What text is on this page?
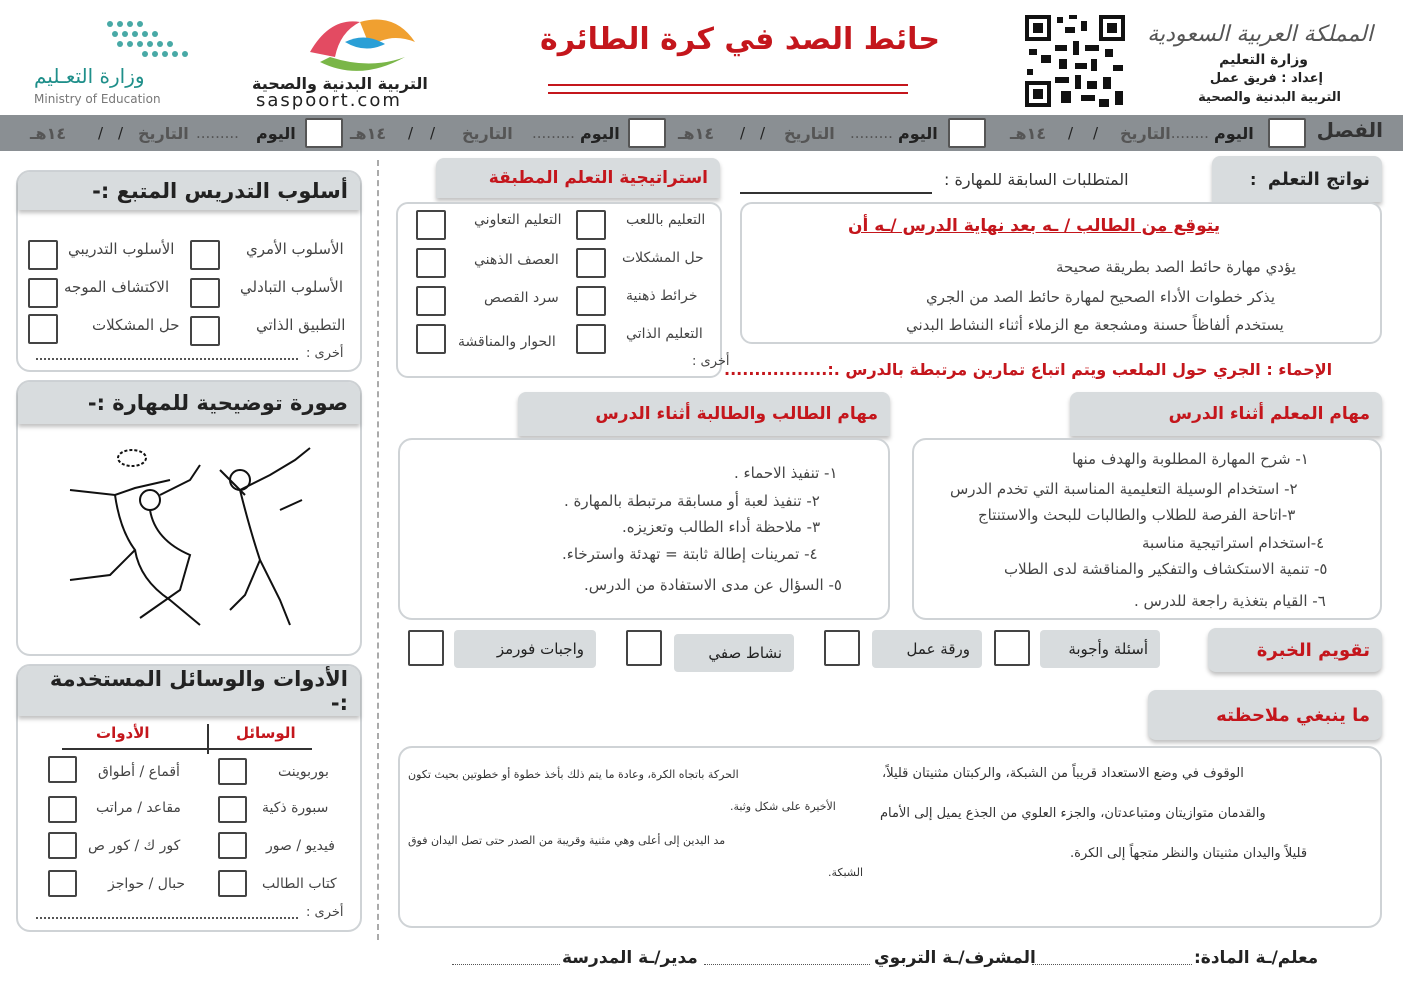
المملكة العربية السعودية
وزارة التعليم
إعداد : فريق عمل
التربية البدنية والصحية
حائط الصد في كرة الطائرة
التربية البدنية والصحية
saspoort.com
وزارة التعـليم
Ministry of Education
الفصل
اليوم
التاريخ
.........
/
/
١٤هـ
اليوم
.........
التاريخ
/
/
١٤هـ
اليوم
.........
التاريخ
/
/
١٤هـ
اليوم
.........
التاريخ
/
/
١٤هـ
أسلوب التدريس المتبع :-
الأسلوب الأمري
الأسلوب التدريبي
الأسلوب التبادلي
الاكتشاف الموجه
التطبيق الذاتي
حل المشكلات
أخرى :
صورة توضيحية للمهارة :-
الأدوات والوسائل المستخدمة :-
الوسائل
الأدوات
بوربوينت
أقماع / أطواق
سبورة ذكية
مقاعد / مراتب
فيديو / صور
كور ك / كور ص
كتاب الطالب
حبال / حواجز
أخرى :
استراتيجية التعلم المطبقة
التعليم باللعب
التعليم التعاوني
حل المشكلات
العصف الذهني
خرائط ذهنية
سرد القصص
التعليم الذاتي
الحوار والمناقشة
أخرى :
نواتج التعلم
:
المتطلبات السابقة للمهارة :
يتوقع من الطالب / ـه بعد نهاية الدرس /ـه أن
يؤدي مهارة حائط الصد بطريقة صحيحة
يذكر خطوات الأداء الصحيح لمهارة حائط الصد من الجري
يستخدم ألفاظاً حسنة ومشجعة مع الزملاء أثناء النشاط البدني
الإحماء : الجري حول الملعب ويتم اتباع تمارين مرتبطة بالدرس .:.................
مهام الطالب والطالبة أثناء الدرس
١- تنفيذ الاحماء .
٢- تنفيذ لعبة أو مسابقة مرتبطة بالمهارة .
٣- ملاحظة أداء الطالب وتعزيزه.
٤- تمرينات إطالة ثابتة = تهدئة واسترخاء.
٥- السؤال عن مدى الاستفادة من الدرس.
مهام المعلم أثناء الدرس
١- شرح المهارة المطلوبة والهدف منها
٢- استخدام الوسيلة التعليمية المناسبة التي تخدم الدرس
٣-اتاحة الفرصة للطلاب والطالبات للبحث والاستنتاج
٤-استخدام استراتيجية مناسبة
٥- تنمية الاستكشاف والتفكير والمناقشة لدى الطلاب
٦- القيام بتغذية راجعة للدرس .
تقويم الخبرة
أسئلة وأجوبة
ورقة عمل
نشاط صفي
واجبات فورمز
ما ينبغي ملاحظته
الوقوف في وضع الاستعداد قريباً من الشبكة، والركبتان مثنيتان قليلاً،
والقدمان متوازيتان ومتباعدتان، والجزء العلوي من الجذع يميل إلى الأمام
قليلاً واليدان مثنيتان والنظر متجهاً إلى الكرة.
الحركة باتجاه الكرة، وعادة ما يتم ذلك بأخذ خطوة أو خطوتين بحيث تكون
الأخيرة على شكل وثبة.
مد اليدين إلى أعلى وهي مثنية وقريبة من الصدر حتى تصل اليدان فوق
الشبكة.
معلم/ـة المادة:
المشرف/ـة التربوي
مدير/ـة المدرسة
